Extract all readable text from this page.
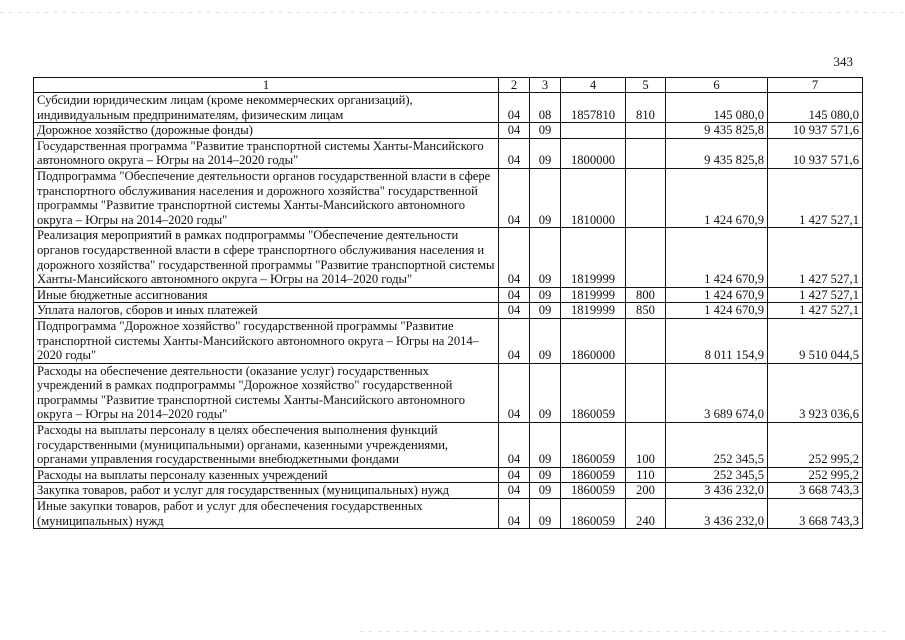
343
1	2	3	4	5	6	7
Субсидии юридическим лицам (кроме некоммерческих организаций), индивидуальным предпринимателям, физическим лицам	04	08	1857810	810	145 080,0	145 080,0
Дорожное хозяйство (дорожные фонды)	04	09			9 435 825,8	10 937 571,6
Государственная программа "Развитие транспортной системы Ханты-Мансийского автономного округа – Югры на 2014–2020 годы"	04	09	1800000		9 435 825,8	10 937 571,6
Подпрограмма "Обеспечение деятельности органов государственной власти в сфере транспортного обслуживания населения и дорожного хозяйства" государственной программы "Развитие транспортной системы Ханты-Мансийского автономного округа – Югры на 2014–2020 годы"	04	09	1810000		1 424 670,9	1 427 527,1
Реализация мероприятий в рамках подпрограммы "Обеспечение деятельности органов государственной власти в сфере транспортного обслуживания населения и дорожного хозяйства" государственной программы "Развитие транспортной системы Ханты-Мансийского автономного округа – Югры на 2014–2020 годы"	04	09	1819999		1 424 670,9	1 427 527,1
Иные бюджетные ассигнования	04	09	1819999	800	1 424 670,9	1 427 527,1
Уплата налогов, сборов и иных платежей	04	09	1819999	850	1 424 670,9	1 427 527,1
Подпрограмма "Дорожное хозяйство" государственной программы "Развитие транспортной системы Ханты-Мансийского автономного округа – Югры на 2014–2020 годы"	04	09	1860000		8 011 154,9	9 510 044,5
Расходы на обеспечение деятельности (оказание услуг) государственных учреждений в рамках подпрограммы "Дорожное хозяйство" государственной программы "Развитие транспортной системы Ханты-Мансийского автономного округа – Югры на 2014–2020 годы"	04	09	1860059		3 689 674,0	3 923 036,6
Расходы на выплаты персоналу в целях обеспечения выполнения функций государственными (муниципальными) органами, казенными учреждениями, органами управления государственными внебюджетными фондами	04	09	1860059	100	252 345,5	252 995,2
Расходы на выплаты персоналу казенных учреждений	04	09	1860059	110	252 345,5	252 995,2
Закупка товаров, работ и услуг для государственных (муниципальных) нужд	04	09	1860059	200	3 436 232,0	3 668 743,3
Иные закупки товаров, работ и услуг для обеспечения государственных (муниципальных) нужд	04	09	1860059	240	3 436 232,0	3 668 743,3
